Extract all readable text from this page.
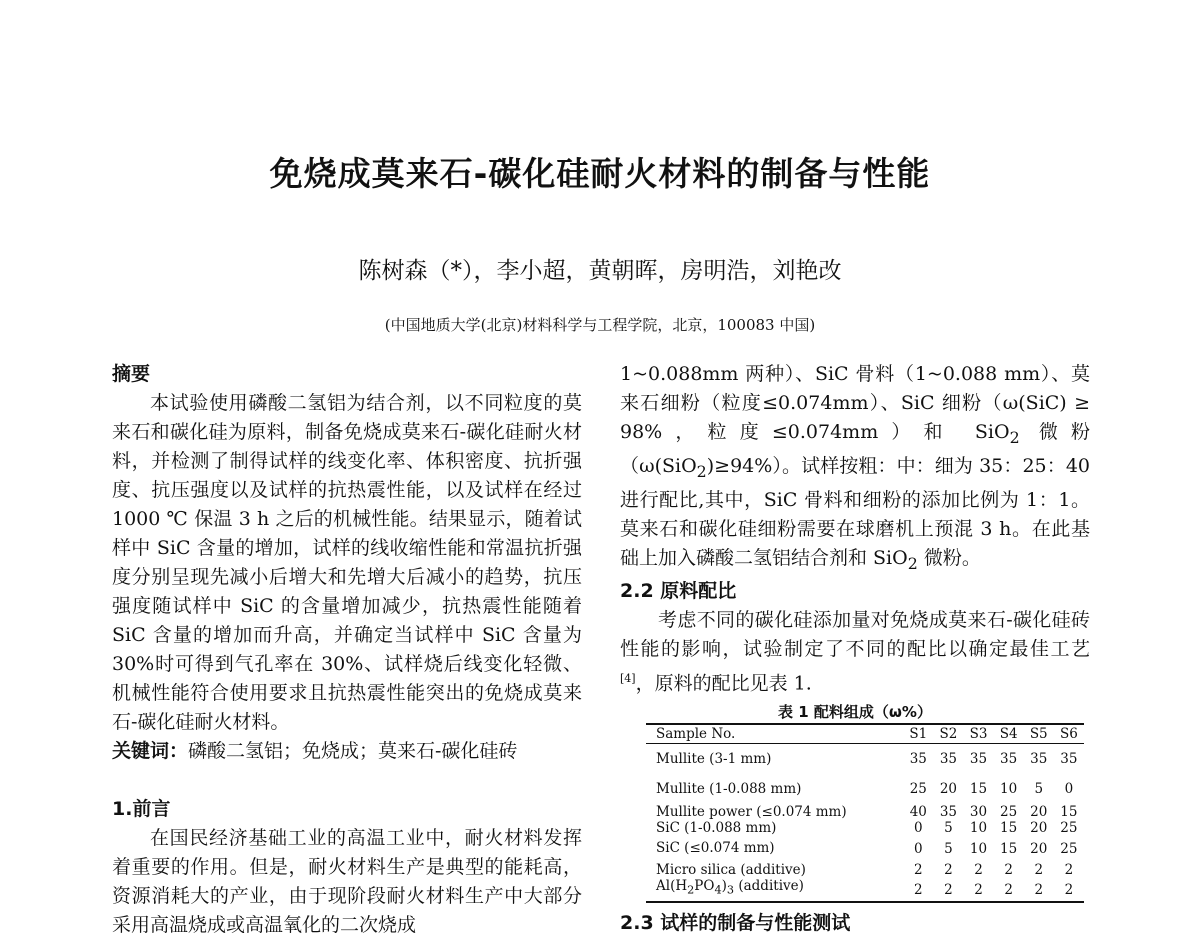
免烧成莫来石-碳化硅耐火材料的制备与性能
陈树森（*），李小超，黄朝晖，房明浩，刘艳改
(中国地质大学(北京)材料科学与工程学院，北京，100083 中国)
摘要

本试验使用磷酸二氢铝为结合剂，以不同粒度的莫来石和碳化硅为原料，制备免烧成莫来石-碳化硅耐火材料，并检测了制得试样的线变化率、体积密度、抗折强度、抗压强度以及试样的抗热震性能，以及试样在经过 1000 ℃ 保温 3 h 之后的机械性能。结果显示，随着试样中 SiC 含量的增加，试样的线收缩性能和常温抗折强度分别呈现先减小后增大和先增大后减小的趋势，抗压强度随试样中 SiC 的含量增加减少，抗热震性能随着 SiC 含量的增加而升高，并确定当试样中 SiC 含量为 30%时可得到气孔率在 30%、试样烧后线变化轻微、机械性能符合使用要求且抗热震性能突出的免烧成莫来石-碳化硅耐火材料。

关键词：磷酸二氢铝；免烧成；莫来石-碳化硅砖

1.前言

在国民经济基础工业的高温工业中，耐火材料发挥着重要的作用。但是，耐火材料生产是典型的能耗高，资源消耗大的产业，由于现阶段耐火材料生产中大部分采用高温烧成或高温氧化的二次烧成

1~0.088mm 两种）、SiC 骨料（1~0.088 mm）、莫来石细粉（粒度≤0.074mm）、SiC 细粉（ω(SiC) ≥ 98%，粒度≤0.074mm）和 SiO$_2$ 微粉（ω(SiO$_2$)≥94%）。试样按粗：中：细为 35：25：40 进行配比,其中，SiC 骨料和细粉的添加比例为 1：1。莫来石和碳化硅细粉需要在球磨机上预混 3 h。在此基础上加入磷酸二氢铝结合剂和 SiO$_2$ 微粉。

2.2 原料配比

考虑不同的碳化硅添加量对免烧成莫来石-碳化硅砖性能的影响，试验制定了不同的配比以确定最佳工艺[4]，原料的配比见表 1.

表 1 配料组成（ω%）
Sample No.	S1	S2	S3	S4	S5	S6
Mullite (3-1 mm)	35	35	35	35	35	35
Mullite (1-0.088 mm)	25	20	15	10	5	0
Mullite power (≤0.074 mm)	40	35	30	25	20	15
SiC (1-0.088 mm)	0	5	10	15	20	25
SiC (≤0.074 mm)	0	5	10	15	20	25
Micro silica (additive)	2	2	2	2	2	2
$Al(H_2PO_4)_3$ (additive)	2	2	2	2	2	2
2.3 试样的制备与性能测试
